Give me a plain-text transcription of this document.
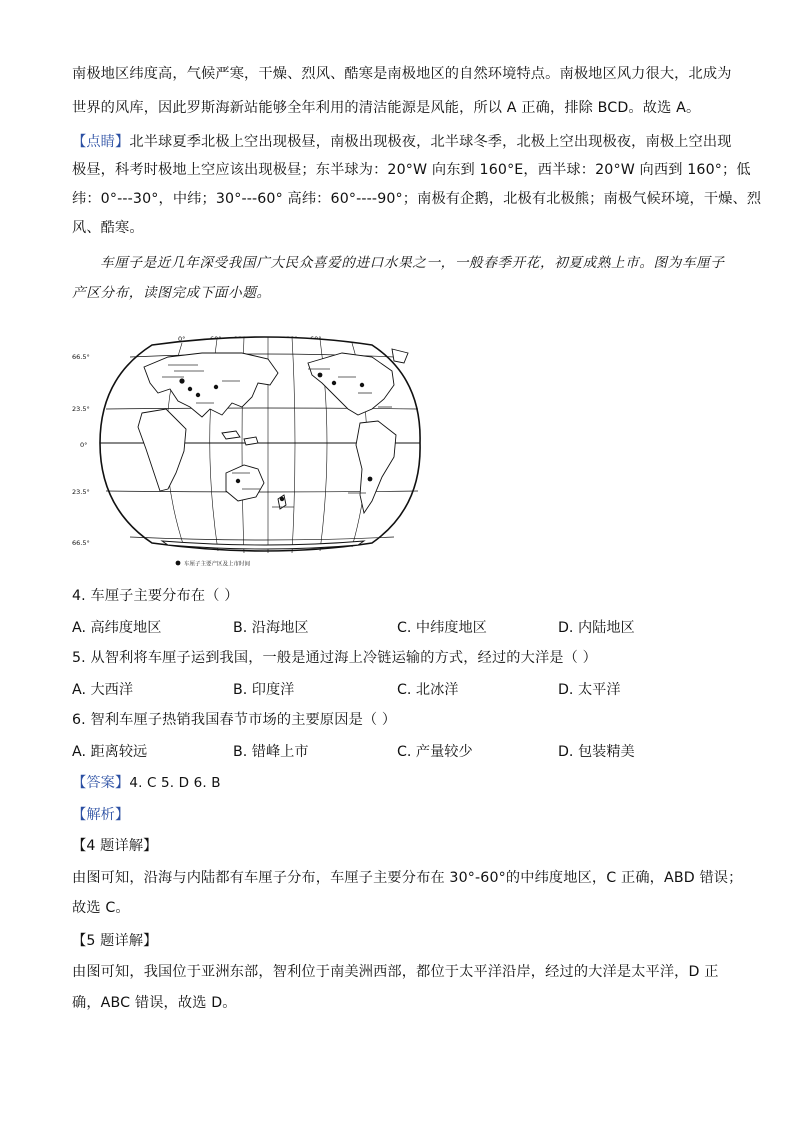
南极地区纬度高，气候严寒，干燥、烈风、酷寒是南极地区的自然环境特点。南极地区风力很大，北成为
世界的风库，因此罗斯海新站能够全年利用的清洁能源是风能，所以 A 正确，排除 BCD。故选 A。
【点睛】北半球夏季北极上空出现极昼，南极出现极夜，北半球冬季，北极上空出现极夜，南极上空出现
极昼，科考时极地上空应该出现极昼；东半球为：20°W 向东到 160°E，西半球：20°W 向西到 160°；低
纬：0°---30°，中纬；30°---60° 高纬：60°----90°；南极有企鹅，北极有北极熊；南极气候环境，干燥、烈
风、酷寒。
车厘子是近几年深受我国广大民众喜爱的进口水果之一，一般春季开花，初夏成熟上市。图为车厘子
产区分布，读图完成下面小题。
0°
66.5°
23.5°
0°
23.5°
66.5°
车厘子主要产区及上市时间
4. 车厘子主要分布在（ ）
A. 高纬度地区	B. 沿海地区	C. 中纬度地区	D. 内陆地区
5. 从智利将车厘子运到我国，一般是通过海上冷链运输的方式，经过的大洋是（ ）
A. 大西洋	B. 印度洋	C. 北冰洋	D. 太平洋
6. 智利车厘子热销我国春节市场的主要原因是（ ）
A. 距离较远	B. 错峰上市	C. 产量较少	D. 包装精美
【答案】4. C 5. D 6. B
【解析】
【4 题详解】
由图可知，沿海与内陆都有车厘子分布，车厘子主要分布在 30°-60°的中纬度地区，C 正确，ABD 错误；
故选 C。
【5 题详解】
由图可知，我国位于亚洲东部，智利位于南美洲西部，都位于太平洋沿岸，经过的大洋是太平洋，D 正
确，ABC 错误，故选 D。
